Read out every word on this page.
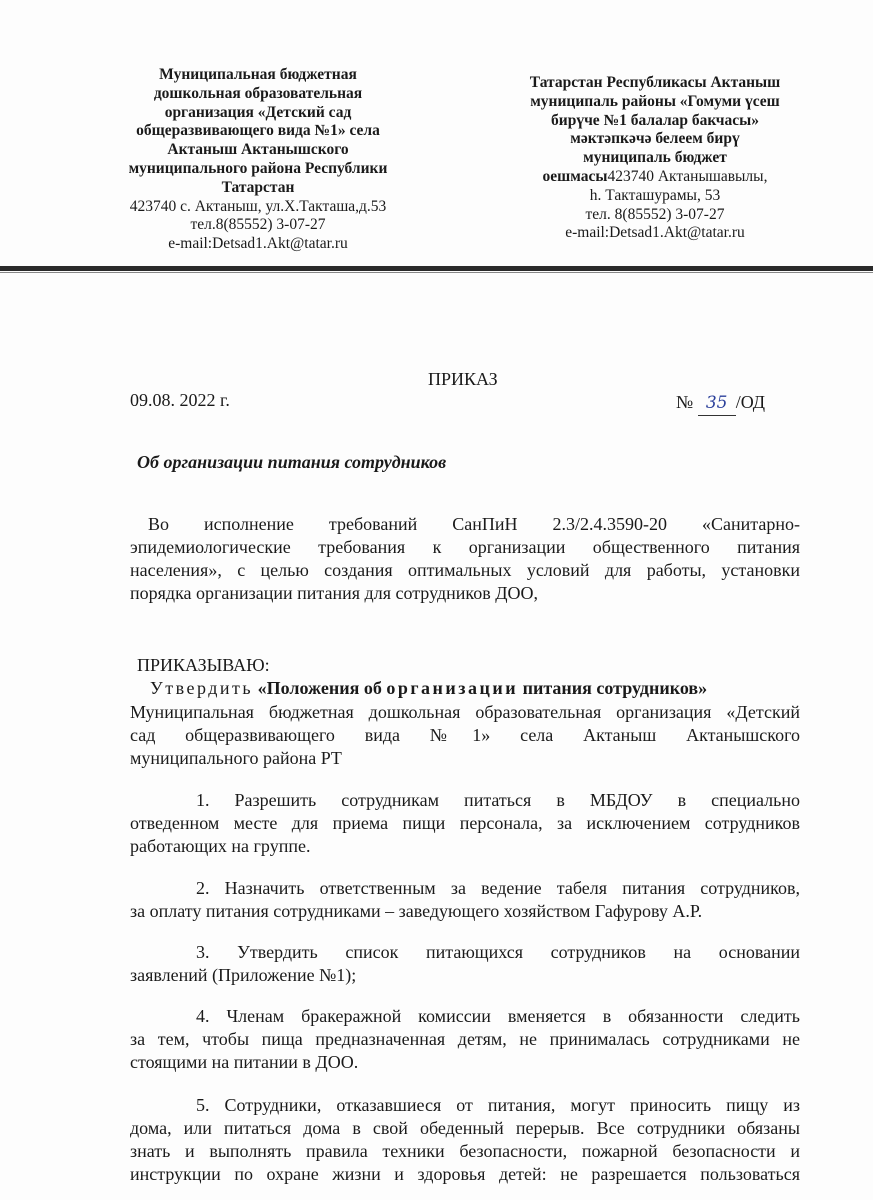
Муниципальная бюджетная
дошкольная образовательная
организация «Детский сад
общеразвивающего вида №1» села
Актаныш Актанышского
муниципального района Республики
Татарстан
423740 с. Актаныш, ул.Х.Такташа,д.53
тел.8(85552) 3-07-27
e-mail:Detsad1.Akt@tatar.ru
Татарстан Республикасы Актаныш
муниципаль районы «Гомуми үсеш
бирүче №1 балалар бакчасы»
мәктәпкәчә белеем бирү
муниципаль бюджет
оешмасы423740 Актанышавылы,
һ. Такташурамы, 53
тел. 8(85552) 3-07-27
e-mail:Detsad1.Akt@tatar.ru
ПРИКАЗ
09.08. 2022 г.	№ 35 /ОД
Об организации питания сотрудников
Во исполнение требований СанПиН 2.3/2.4.3590-20 «Санитарно-
эпидемиологические требования к организации общественного питания
населения», с целью создания оптимальных условий для работы, установки
порядка организации питания для сотрудников ДОО,
ПРИКАЗЫВАЮ:
Утвердить «Положения об организации питания сотрудников»
Муниципальная бюджетная дошкольная образовательная организация «Детский
сад общеразвивающего вида №1» села Актаныш Актанышского
муниципального района РТ
1. Разрешить сотрудникам питаться в МБДОУ в специально
отведенном месте для приема пищи персонала, за исключением сотрудников
работающих на группе.
2. Назначить ответственным за ведение табеля питания сотрудников,
за оплату питания сотрудниками – заведующего хозяйством Гафурову А.Р.
3. Утвердить список питающихся сотрудников на основании
заявлений (Приложение №1);
4. Членам бракеражной комиссии вменяется в обязанности следить
за тем, чтобы пища предназначенная детям, не принималась сотрудниками не
стоящими на питании в ДОО.
5. Сотрудники, отказавшиеся от питания, могут приносить пищу из
дома, или питаться дома в свой обеденный перерыв. Все сотрудники обязаны
знать и выполнять правила техники безопасности, пожарной безопасности и
инструкции по охране жизни и здоровья детей: не разрешается пользоваться
